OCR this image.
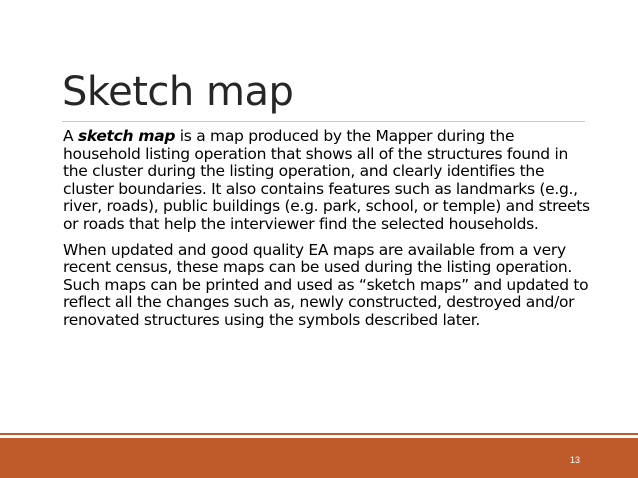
Sketch map

A sketch map is a map produced by the Mapper during the household listing operation that shows all of the structures found in the cluster during the listing operation, and clearly identifies the cluster boundaries. It also contains features such as landmarks (e.g., river, roads), public buildings (e.g. park, school, or temple) and streets or roads that help the interviewer find the selected households.

When updated and good quality EA maps are available from a very recent census, these maps can be used during the listing operation. Such maps can be printed and used as “sketch maps” and updated to reflect all the changes such as, newly constructed, destroyed and/or renovated structures using the symbols described later.

13
